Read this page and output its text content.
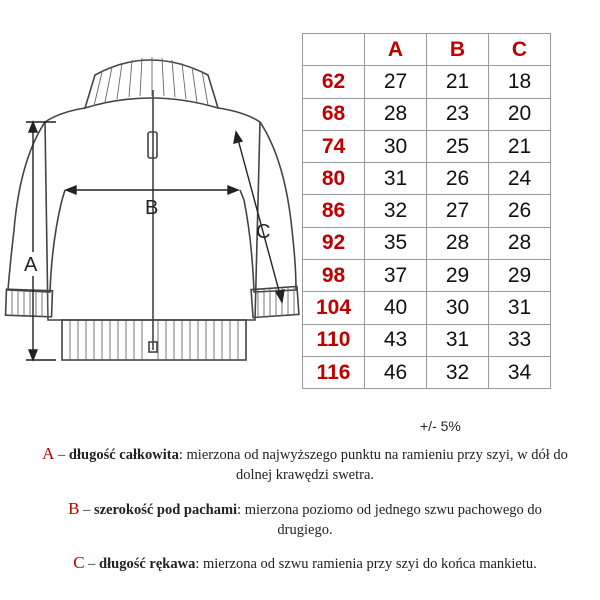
A
B
C
	A	B	C
62	27	21	18
68	28	23	20
74	30	25	21
80	31	26	24
86	32	27	26
92	35	28	28
98	37	29	29
104	40	30	31
110	43	31	33
116	46	32	34
+/- 5%
A – długość całkowita: mierzona od najwyższego punktu na ramieniu przy szyi, w dół do dolnej krawędzi swetra.
B – szerokość pod pachami: mierzona poziomo od jednego szwu pachowego do drugiego.
C – długość rękawa: mierzona od szwu ramienia przy szyi do końca mankietu.
